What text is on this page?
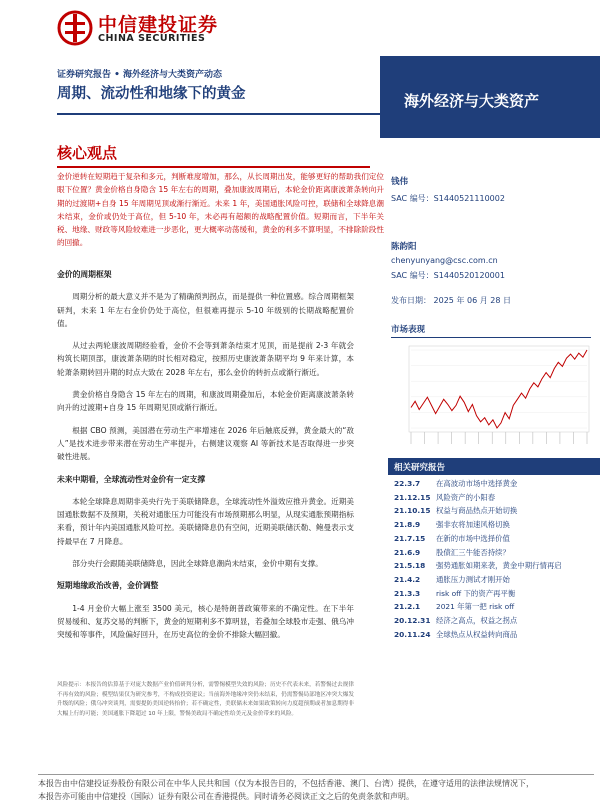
中信建投证券
CHINA SECURITIES
证券研究报告 • 海外经济与大类资产动态
周期、流动性和地缘下的黄金	海外经济与大类资产
核心观点

金价逆转在短期趋于复杂和多元，判断难度增加，那么，从长周期出发，能够更好的帮助我们定位眼下位置？黄金价格自身隐含 15 年左右的周期，叠加康波周期后，本轮金价距离康波萧条转向升期的过渡期+自身 15 年周期见顶或渐行渐近。未来 1 年，美国通胀风险可控，联储和全球降息潮未结束，金价或仍处于高位，但 5-10 年，未必再有超额的战略配置价值。短期而言，下半年关税、地缘、财政等风险较难进一步恶化，更大概率动荡缓和，黄金的利多不算明显，不排除阶段性的回撤。

金价的周期框架

周期分析的最大意义并不是为了精确预判拐点，而是提供一种位置感。综合周期框架研判，未来 1 年左右金价仍处于高位，但很难再提示 5-10 年级别的长期战略配置价值。

从过去两轮康波周期经验看，金价不会等到萧条结束才见顶，而是提前 2-3 年就会构筑长期顶部，康波萧条期的时长相对稳定，按照历史康波萧条期平均 9 年来计算，本轮萧条期转回升期的时点大致在 2028 年左右，那么金价的转折点或渐行渐近。

黄金价格自身隐含 15 年左右的周期，和康波周期叠加后，本轮金价距离康波萧条转向升的过渡期+自身 15 年周期见顶或渐行渐近。

根据 CBO 预测，美国潜在劳动生产率增速在 2026 年后触底反弹，黄金最大的“敌人”是技术进步带来潜在劳动生产率提升，右侧建议观察 AI 等新技术是否取得进一步突破性进展。

未来中期看，全球流动性对金价有一定支撑

本轮全球降息周期非美央行先于美联储降息，全球流动性外溢效应推升黄金。近期美国通胀数据不及预期，关税对通胀压力可能没有市场预期那么明显，从现实通胀预期指标来看，预计年内美国通胀风险可控。美联储降息仍有空间，近期美联储沃勒、鲍曼表示支持最早在 7 月降息。

部分央行会跟随美联储降息，因此全球降息潮尚未结束，金价中期有支撑。

短期地缘政治改善，金价调整

1-4 月金价大幅上涨至 3500 美元，核心是特朗普政策带来的不确定性。在下半年贸易缓和、复苏交易的判断下，黄金的短期利多不算明显，若叠加全球股市走强、俄乌冲突缓和等事件，风险偏好回升，在历史高位的金价不排除大幅回撤。

风险提示：本报告的估算基于对庞大数据产业价值研判分析，需警惕模型失效的风险；历史不代表未来，若警惕过去规律不再有效的风险；模型结果仅为研究参考，不构成投资建议；当前海外地缘冲突仍未结束，仍需警惕局部地区冲突大爆发升级的风险；俄乌冲突谈判，需要提防美国逆转抬价；若不确定性，美联储未来如果政策转向力度超预期或者加息期得非大幅上行的可能；美国通胀下降超过 10 年上限，警惕美政局不确定性给美元及金价带来的风险。

钱伟
SAC 编号：S1440521110002
陈韵阳
chenyunyang@csc.com.cn
SAC 编号：S1440520120001
发布日期： 2025 年 06 月 28 日
市场表现
相关研究报告
22.3.7 在高波动市场中选择黄金
21.12.15 风险资产的小阳春
21.10.15 权益与商品热点开始切换
21.8.9 强非农将加速风格切换
21.7.15 在新的市场中选择价值
21.6.9 股债汇三牛能否持续？
21.5.18 强势通胀如期来袭，黄金中期行情再启
21.4.2 通胀压力测试才刚开始
21.3.3 risk off 下的资产再平衡
21.2.1 2021 年第一把 risk off
20.12.31 经济之高点，权益之拐点
20.11.24 全球热点从权益转向商品
本报告由中信建投证券股份有限公司在中华人民共和国（仅为本报告目的，不包括香港、澳门、台湾）提供，在遵守适用的法律法规情况下，
本报告亦可能由中信建投（国际）证券有限公司在香港提供。同时请务必阅读正文之后的免责条款和声明。
